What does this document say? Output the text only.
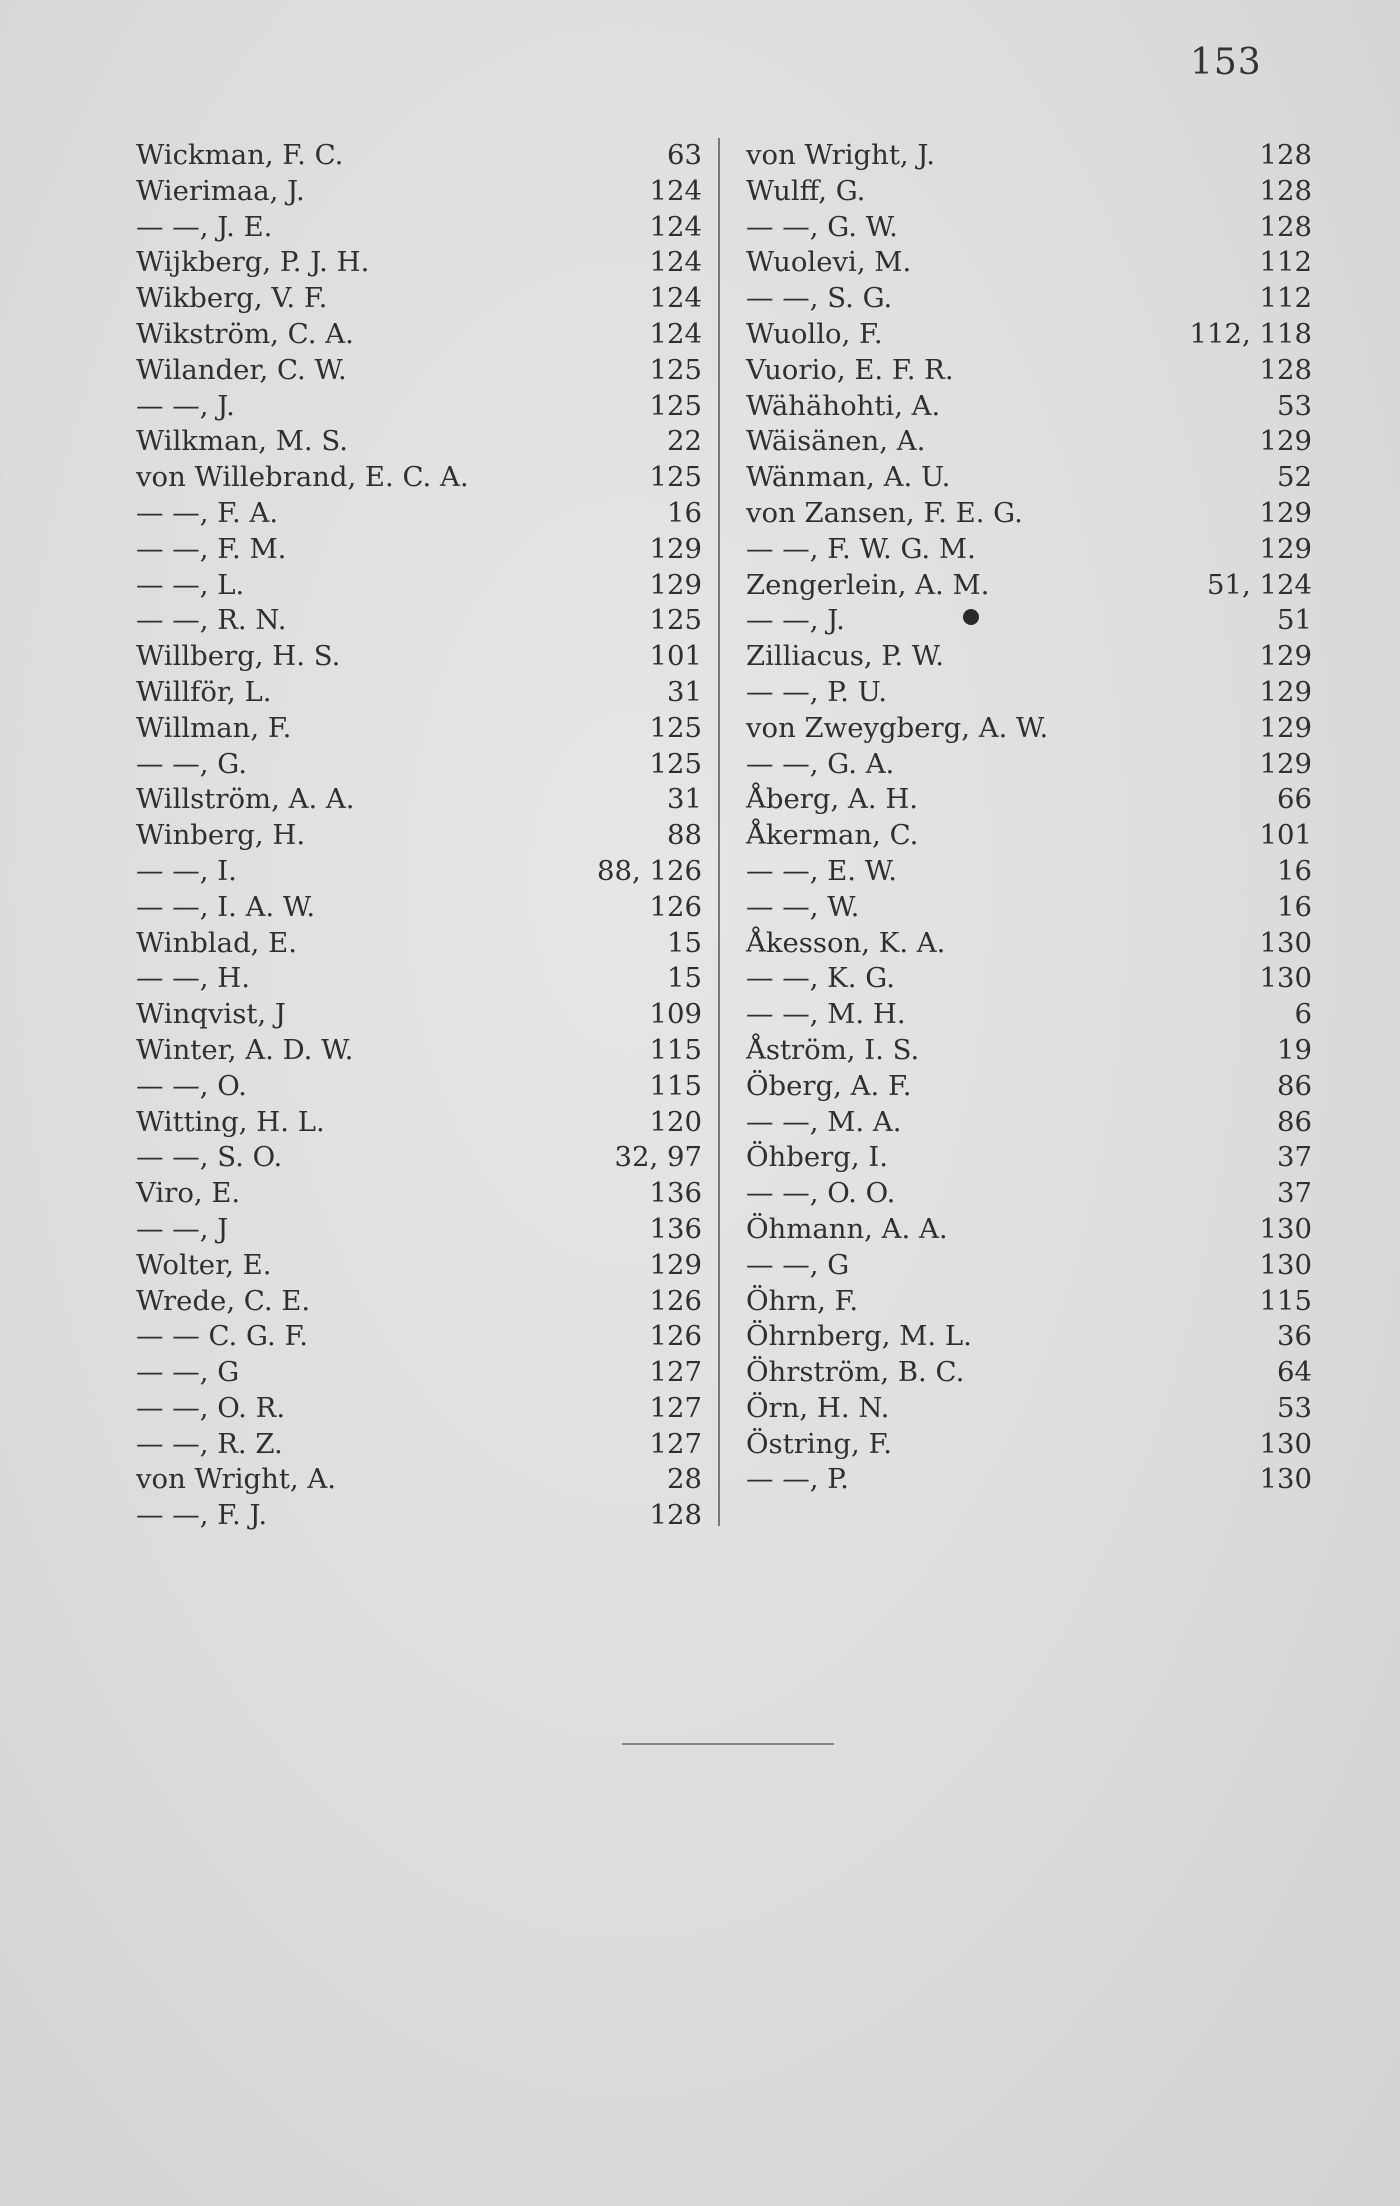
153
Wickman, F. C.	63
Wierimaa, J.	124
— —, J. E.	124
Wijkberg, P. J. H.	124
Wikberg, V. F.	124
Wikström, C. A.	124
Wilander, C. W.	125
— —, J.	125
Wilkman, M. S.	22
von Willebrand, E. C. A.	125
— —, F. A.	16
— —, F. M.	129
— —, L.	129
— —, R. N.	125
Willberg, H. S.	101
Willför, L.	31
Willman, F.	125
— —, G.	125
Willström, A. A.	31
Winberg, H.	88
— —, I.	88, 126
— —, I. A. W.	126
Winblad, E.	15
— —, H.	15
Winqvist, J	109
Winter, A. D. W.	115
— —, O.	115
Witting, H. L.	120
— —, S. O.	32, 97
Viro, E.	136
— —, J	136
Wolter, E.	129
Wrede, C. E.	126
— — C. G. F.	126
— —, G	127
— —, O. R.	127
— —, R. Z.	127
von Wright, A.	28
— —, F. J.	128
von Wright, J.	128
Wulff, G.	128
— —, G. W.	128
Wuolevi, M.	112
— —, S. G.	112
Wuollo, F.	112, 118
Vuorio, E. F. R.	128
Wähähohti, A.	53
Wäisänen, A.	129
Wänman, A. U.	52
von Zansen, F. E. G.	129
— —, F. W. G. M.	129
Zengerlein, A. M.	51, 124
— —, J.	51
Zilliacus, P. W.	129
— —, P. U.	129
von Zweygberg, A. W.	129
— —, G. A.	129
Åberg, A. H.	66
Åkerman, C.	101
— —, E. W.	16
— —, W.	16
Åkesson, K. A.	130
— —, K. G.	130
— —, M. H.	6
Åström, I. S.	19
Öberg, A. F.	86
— —, M. A.	86
Öhberg, I.	37
— —, O. O.	37
Öhmann, A. A.	130
— —, G	130
Öhrn, F.	115
Öhrnberg, M. L.	36
Öhrström, B. C.	64
Örn, H. N.	53
Östring, F.	130
— —, P.	130
